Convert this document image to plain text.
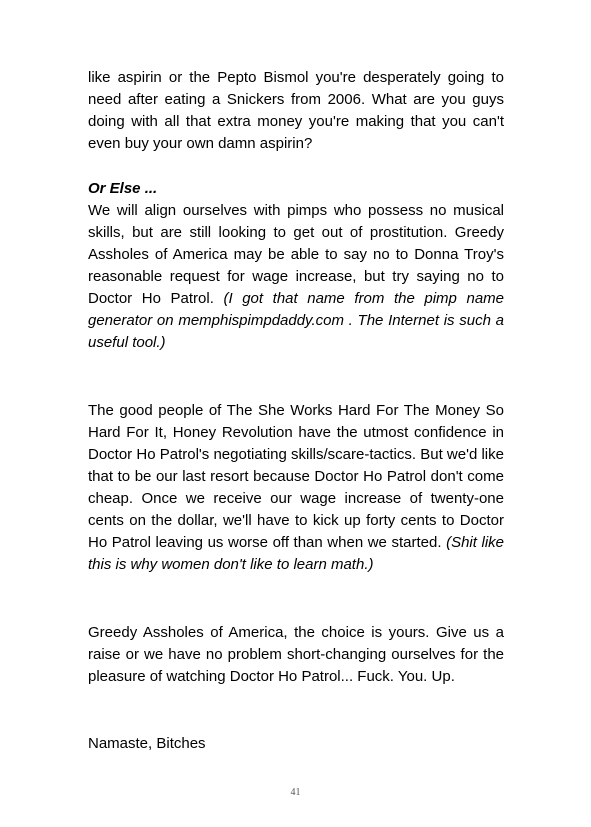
like aspirin or the Pepto Bismol you're desperately going to need after eating a Snickers from 2006. What are you guys doing with all that extra money you're making that you can't even buy your own damn aspirin?

Or Else ...

We will align ourselves with pimps who possess no musical skills, but are still looking to get out of prostitution. Greedy Assholes of America may be able to say no to Donna Troy's reasonable request for wage increase, but try saying no to Doctor Ho Patrol. (I got that name from the pimp name generator on memphispimpdaddy.com . The Internet is such a useful tool.)

The good people of The She Works Hard For The Money So Hard For It, Honey Revolution have the utmost confidence in Doctor Ho Patrol's negotiating skills/scare-tactics. But we'd like that to be our last resort because Doctor Ho Patrol don't come cheap. Once we receive our wage increase of twenty-one cents on the dollar, we'll have to kick up forty cents to Doctor Ho Patrol leaving us worse off than when we started. (Shit like this is why women don't like to learn math.)

Greedy Assholes of America, the choice is yours. Give us a raise or we have no problem short-changing ourselves for the pleasure of watching Doctor Ho Patrol... Fuck. You. Up.

Namaste, Bitches

41
